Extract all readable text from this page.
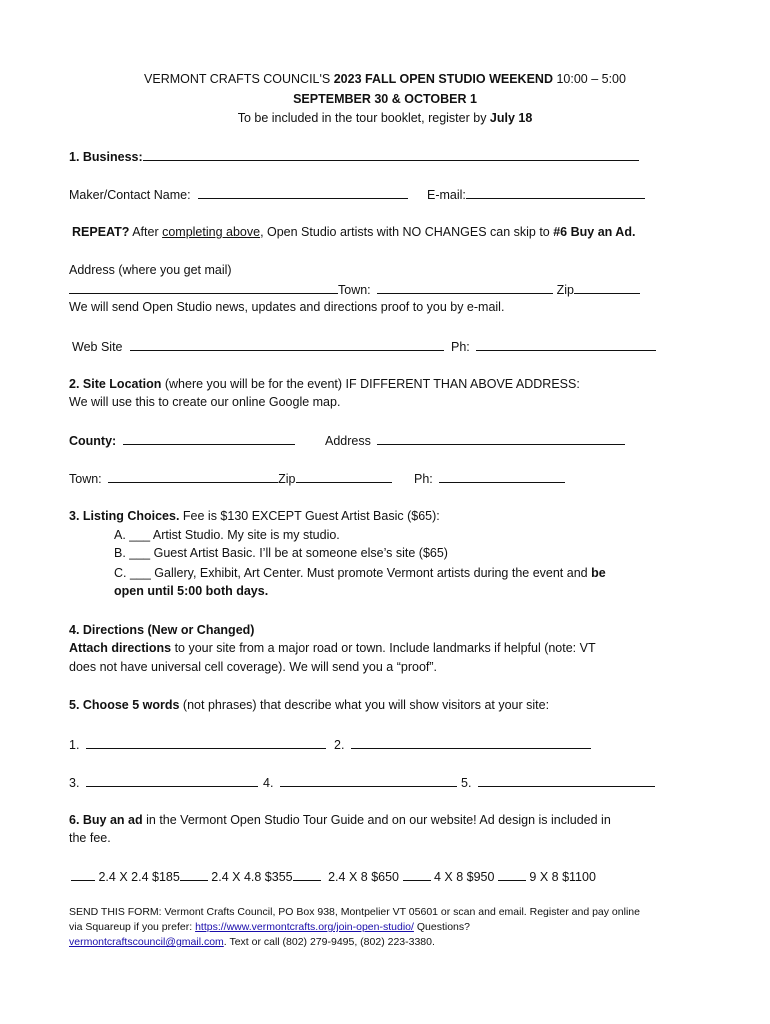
VERMONT CRAFTS COUNCIL'S 2023 FALL OPEN STUDIO WEEKEND 10:00 – 5:00
SEPTEMBER 30 & OCTOBER 1
To be included in the tour booklet, register by July 18
1. Business:
Maker/Contact Name:	E-mail:
REPEAT? After completing above, Open Studio artists with NO CHANGES can skip to #6 Buy an Ad.
Address (where you get mail)
Town:	Zip
We will send Open Studio news, updates and directions proof to you by e-mail.
Web Site	Ph:
2. Site Location (where you will be for the event) IF DIFFERENT THAN ABOVE ADDRESS:
We will use this to create our online Google map.
County:	Address
Town:	Zip	Ph:
3. Listing Choices. Fee is $130 EXCEPT Guest Artist Basic ($65):
A. ___ Artist Studio. My site is my studio.
B. ___ Guest Artist Basic. I’ll be at someone else’s site ($65)
C. ___ Gallery, Exhibit, Art Center. Must promote Vermont artists during the event and be
open until 5:00 both days.
4. Directions (New or Changed)
Attach directions to your site from a major road or town. Include landmarks if helpful (note: VT
does not have universal cell coverage). We will send you a “proof”.
5. Choose 5 words (not phrases) that describe what you will show visitors at your site:
1.	2.
3.	4.	5.
6. Buy an ad in the Vermont Open Studio Tour Guide and on our website! Ad design is included in
the fee.
2.4 X 2.4 $185	2.4 X 4.8 $355	2.4 X 8 $650	4 X 8 $950	9 X 8 $1100
SEND THIS FORM: Vermont Crafts Council, PO Box 938, Montpelier VT 05601 or scan and email. Register and pay online
via Squareup if you prefer: https://www.vermontcrafts.org/join-open-studio/ Questions?
vermontcraftscouncil@gmail.com. Text or call (802) 279-9495, (802) 223-3380.
